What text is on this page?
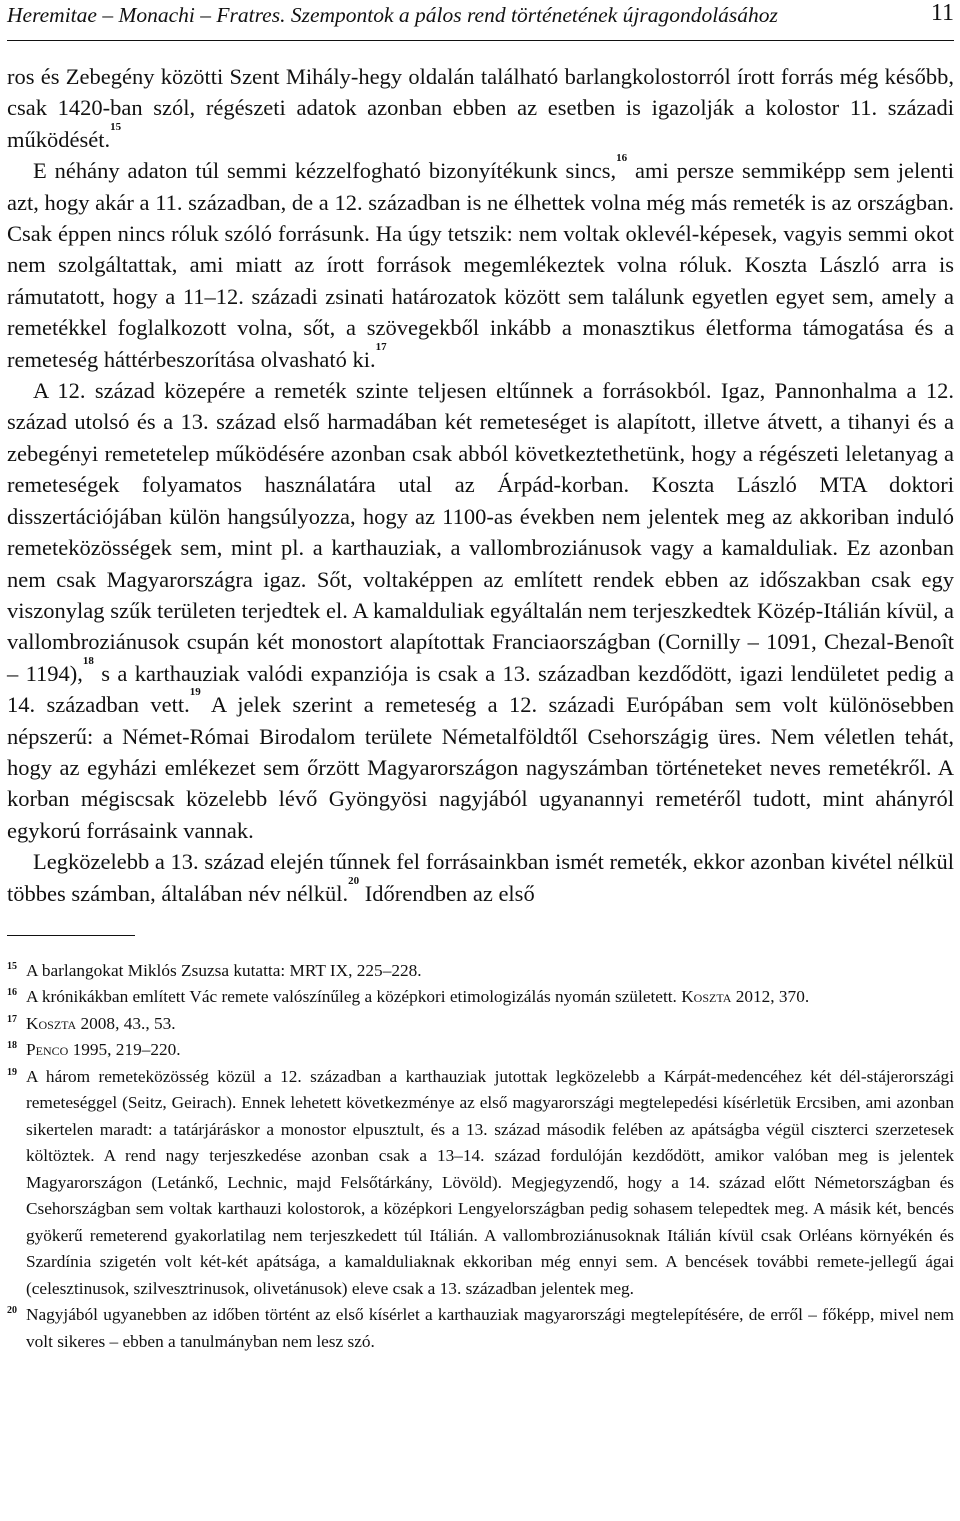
Heremitae – Monachi – Fratres. Szempontok a pálos rend történetének újragondolásához	11

ros és Zebegény közötti Szent Mihály-hegy oldalán található barlangkolostorról írott forrás még később, csak 1420-ban szól, régészeti adatok azonban ebben az esetben is igazolják a kolostor 11. századi működését.$^{15}$

E néhány adaton túl semmi kézzelfogható bizonyítékunk sincs,$^{16}$ ami persze semmiképp sem jelenti azt, hogy akár a 11. században, de a 12. században is ne élhettek volna még más remeték is az országban. Csak éppen nincs róluk szóló forrásunk. Ha úgy tetszik: nem voltak oklevél-képesek, vagyis semmi okot nem szolgáltattak, ami miatt az írott források megemlékeztek volna róluk. Koszta László arra is rámutatott, hogy a 11–12. századi zsinati határozatok között sem találunk egyetlen egyet sem, amely a remetékkel foglalkozott volna, sőt, a szövegekből inkább a monasztikus életforma támogatása és a remeteség háttérbeszorítása olvasható ki.$^{17}$

A 12. század közepére a remeték szinte teljesen eltűnnek a forrásokból. Igaz, Pannonhalma a 12. század utolsó és a 13. század első harmadában két remeteséget is alapított, illetve átvett, a tihanyi és a zebegényi remetetelep működésére azonban csak abból következtethetünk, hogy a régészeti leletanyag a remeteségek folyamatos használatára utal az Árpád-korban. Koszta László MTA doktori disszertációjában külön hangsúlyozza, hogy az 1100-as években nem jelentek meg az akkoriban induló remeteközösségek sem, mint pl. a karthauziak, a vallombroziánusok vagy a kamalduliak. Ez azonban nem csak Magyarországra igaz. Sőt, voltaképpen az említett rendek ebben az időszakban csak egy viszonylag szűk területen terjedtek el. A kamalduliak egyáltalán nem terjeszkedtek Közép-Itálián kívül, a vallombroziánusok csupán két monostort alapítottak Franciaországban (Cornilly – 1091, Chezal-Benoît – 1194),$^{18}$ s a karthauziak valódi expanziója is csak a 13. században kezdődött, igazi lendületet pedig a 14. században vett.$^{19}$ A jelek szerint a remeteség a 12. századi Európában sem volt különösebben népszerű: a Német-Római Birodalom területe Németalföldtől Csehországig üres. Nem véletlen tehát, hogy az egyházi emlékezet sem őrzött Magyarországon nagyszámban történeteket neves remetékről. A korban mégiscsak közelebb lévő Gyöngyösi nagyjából ugyanannyi remetéről tudott, mint ahányról egykorú forrásaink vannak.

Legközelebb a 13. század elején tűnnek fel forrásainkban ismét remeték, ekkor azonban kivétel nélkül többes számban, általában név nélkül.$^{20}$ Időrendben az első

15 A barlangokat Miklós Zsuzsa kutatta: MRT IX, 225–228.
16 A krónikákban említett Vác remete valószínűleg a középkori etimologizálás nyomán született. Koszta 2012, 370.
17 Koszta 2008, 43., 53.
18 Penco 1995, 219–220.
19 A három remeteközösség közül a 12. században a karthauziak jutottak legközelebb a Kárpát-medencéhez két dél-stájerországi remeteséggel (Seitz, Geirach). Ennek lehetett következménye az első magyarországi megtelepedési kísérletük Ercsiben, ami azonban sikertelen maradt: a tatárjáráskor a monostor elpusztult, és a 13. század második felében az apátságba végül ciszterci szerzetesek költöztek. A rend nagy terjeszkedése azonban csak a 13–14. század fordulóján kezdődött, amikor valóban meg is jelentek Magyarországon (Letánkő, Lechnic, majd Felsőtárkány, Lövöld). Megjegyzendő, hogy a 14. század előtt Németországban és Csehországban sem voltak karthauzi kolostorok, a középkori Lengyelországban pedig sohasem telepedtek meg. A másik két, bencés gyökerű remeterend gyakorlatilag nem terjeszkedett túl Itálián. A vallombroziánusoknak Itálián kívül csak Orléans környékén és Szardínia szigetén volt két-két apátsága, a kamalduliaknak ekkoriban még ennyi sem. A bencések további remete-jellegű ágai (celesztinusok, szilvesztrinusok, olivetánusok) eleve csak a 13. században jelentek meg.
20 Nagyjából ugyanebben az időben történt az első kísérlet a karthauziak magyarországi megtelepítésére, de erről – főképp, mivel nem volt sikeres – ebben a tanulmányban nem lesz szó.
